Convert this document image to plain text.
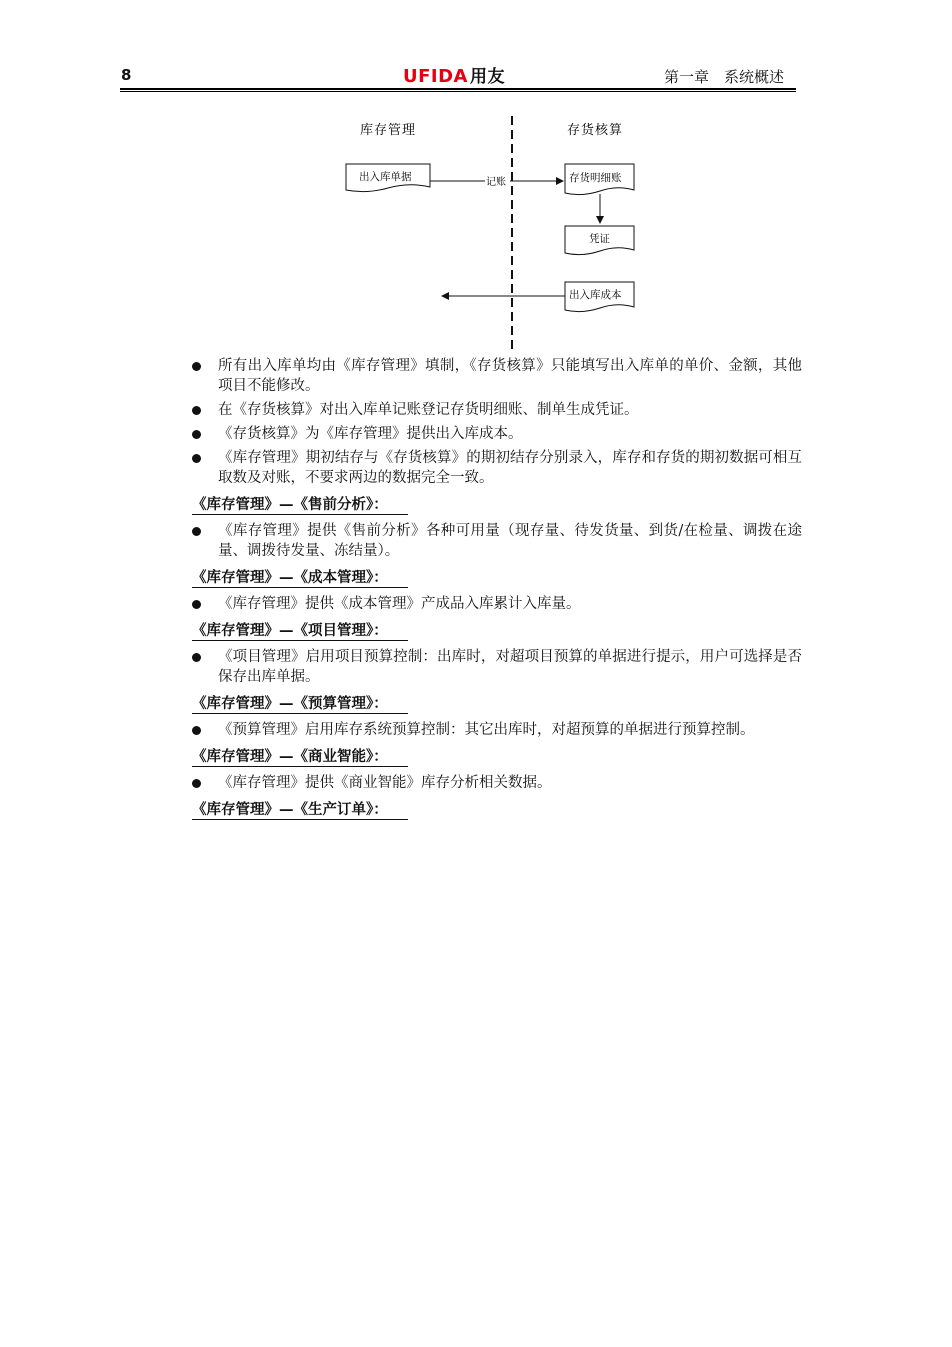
8	UFIDA 用友	第一章　系统概述
库存管理	存货核算
出入库单据	记账	存货明细账
凭证
出入库成本
所有出入库单均由《库存管理》填制，《存货核算》只能填写出入库单的单价、金额，其他项目不能修改。
在《存货核算》对出入库单记账登记存货明细账、制单生成凭证。
《存货核算》为《库存管理》提供出入库成本。
《库存管理》期初结存与《存货核算》的期初结存分别录入，库存和存货的期初数据可相互取数及对账，不要求两边的数据完全一致。
《库存管理》—《售前分析》：
《库存管理》提供《售前分析》各种可用量（现存量、待发货量、到货/在检量、调拨在途量、调拨待发量、冻结量）。
《库存管理》—《成本管理》：
《库存管理》提供《成本管理》产成品入库累计入库量。
《库存管理》—《项目管理》：
《项目管理》启用项目预算控制：出库时，对超项目预算的单据进行提示，用户可选择是否保存出库单据。
《库存管理》—《预算管理》：
《预算管理》启用库存系统预算控制：其它出库时，对超预算的单据进行预算控制。
《库存管理》—《商业智能》：
《库存管理》提供《商业智能》库存分析相关数据。
《库存管理》—《生产订单》：
